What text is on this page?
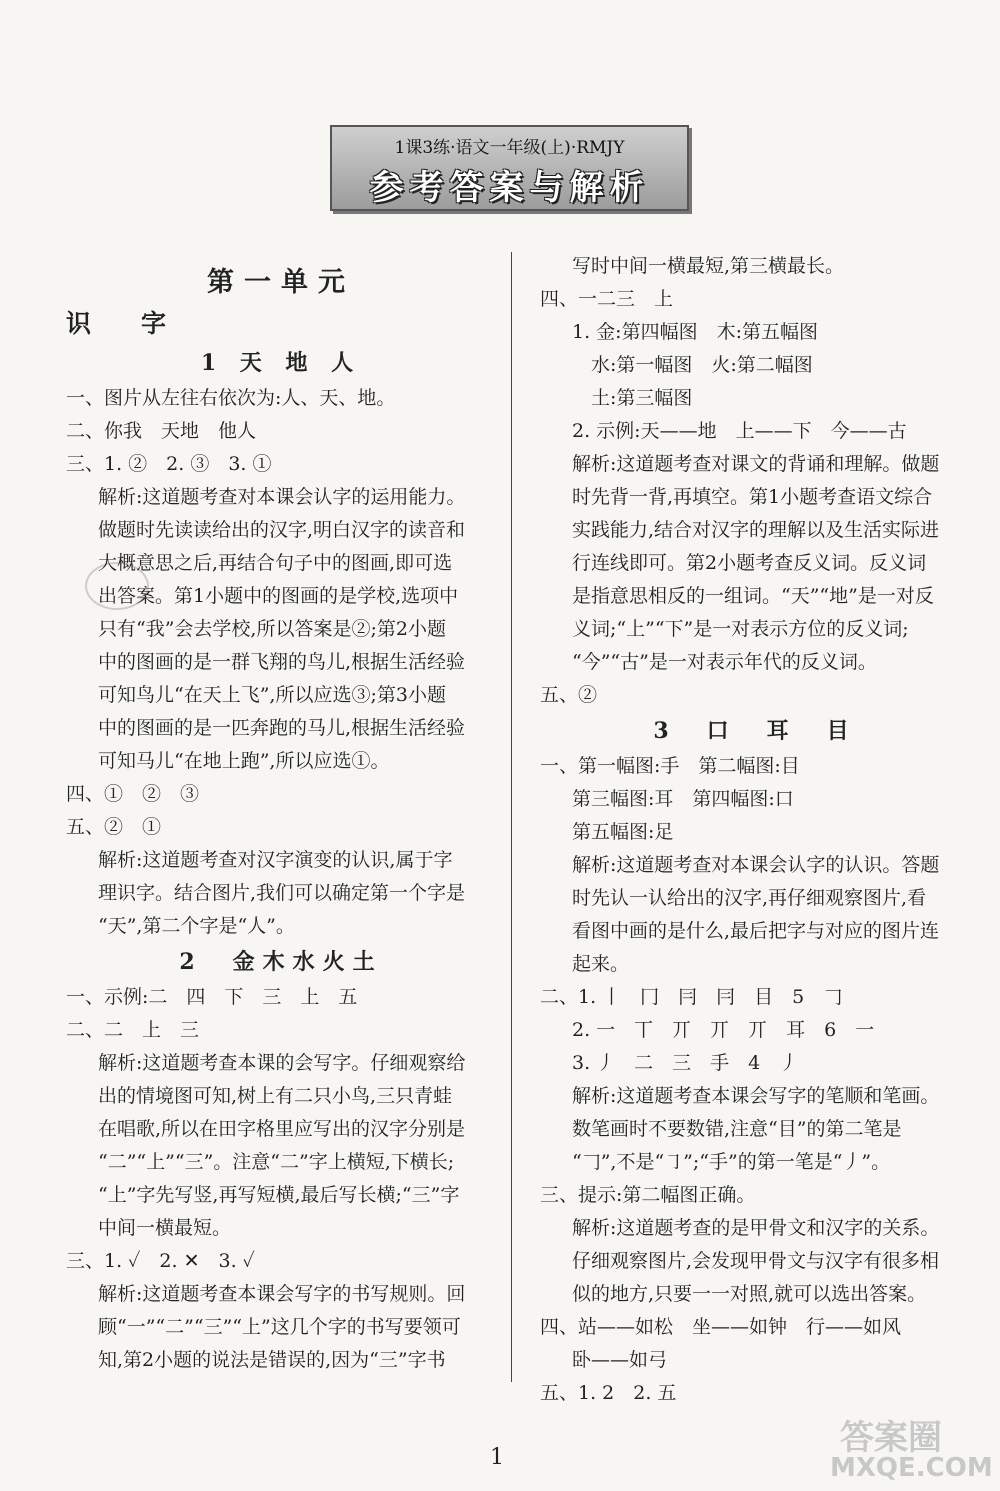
1课3练·语文一年级(上)·RMJY
参考答案与解析

第一单元

识字

1 天 地 人

一、图片从左往右依次为:人、天、地。

二、你我　天地　他人

三、1. ②　2. ③　3. ①

解析:这道题考查对本课会认字的运用能力。

做题时先读读给出的汉字,明白汉字的读音和

大概意思之后,再结合句子中的图画,即可选

出答案。第1小题中的图画的是学校,选项中

只有“我”会去学校,所以答案是②;第2小题

中的图画的是一群飞翔的鸟儿,根据生活经验

可知鸟儿“在天上飞”,所以应选③;第3小题

中的图画的是一匹奔跑的马儿,根据生活经验

可知马儿“在地上跑”,所以应选①。

四、①　②　③

五、②　①

解析:这道题考查对汉字演变的认识,属于字

理识字。结合图片,我们可以确定第一个字是

“天”,第二个字是“人”。

2　金木水火土

一、示例:二　四　下　三　上　五

二、二　上　三

解析:这道题考查本课的会写字。仔细观察给

出的情境图可知,树上有二只小鸟,三只青蛙

在唱歌,所以在田字格里应写出的汉字分别是

“二”“上”“三”。注意“二”字上横短,下横长;

“上”字先写竖,再写短横,最后写长横;“三”字

中间一横最短。

三、1. ✓　2. ✕　3. ✓

解析:这道题考查本课会写字的书写规则。回

顾“一”“二”“三”“上”这几个字的书写要领可

知,第2小题的说法是错误的,因为“三”字书

写时中间一横最短,第三横最长。

四、一二三　上

1. 金:第四幅图　木:第五幅图

　水:第一幅图　火:第二幅图

　土:第三幅图

2. 示例:天——地　上——下　今——古

解析:这道题考查对课文的背诵和理解。做题

时先背一背,再填空。第1小题考查语文综合

实践能力,结合对汉字的理解以及生活实际进

行连线即可。第2小题考查反义词。反义词

是指意思相反的一组词。“天”“地”是一对反

义词;“上”“下”是一对表示方位的反义词;

“今”“古”是一对表示年代的反义词。

五、②

3　口　耳　目

一、第一幅图:手　第二幅图:目

第三幅图:耳　第四幅图:口

第五幅图:足

解析:这道题考查对本课会认字的认识。答题

时先认一认给出的汉字,再仔细观察图片,看

看图中画的是什么,最后把字与对应的图片连

起来。

二、1. 丨　冂　冃　冃　目　5　𠃌

2. 一　丅　丌　丌　丌　耳　6　一

3. 丿　二　三　手　4　丿

解析:这道题考查本课会写字的笔顺和笔画。

数笔画时不要数错,注意“目”的第二笔是

“𠃌”,不是“㇆”;“手”的第一笔是“丿”。

三、提示:第二幅图正确。

解析:这道题考查的是甲骨文和汉字的关系。

仔细观察图片,会发现甲骨文与汉字有很多相

似的地方,只要一一对照,就可以选出答案。

四、站——如松　坐——如钟　行——如风

卧——如弓

五、1. 2　2. 五

1	答案圈
MXQE.COM
